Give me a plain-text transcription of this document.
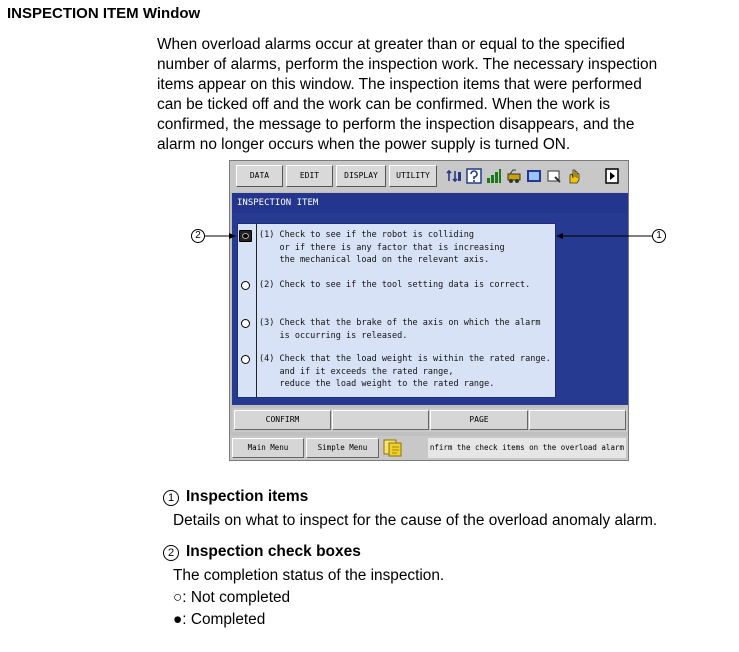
INSPECTION ITEM Window
When overload alarms occur at greater than or equal to the specified
number of alarms, perform the inspection work. The necessary inspection
items appear on this window. The inspection items that were performed
can be ticked off and the work can be confirmed. When the work is
confirmed, the message to perform the inspection disappears, and the
alarm no longer occurs when the power supply is turned ON.
DATA	EDIT	DISPLAY	UTILITY
INSPECTION ITEM
(1) Check to see if the robot is colliding
or if there is any factor that is increasing
the mechanical load on the relevant axis.
(2) Check to see if the tool setting data is correct.
(3) Check that the brake of the axis on which the alarm
is occurring is released.
(4) Check that the load weight is within the rated range.
and if it exceeds the rated range,
reduce the load weight to the rated range.
CONFIRM	PAGE
Main Menu	Simple Menu	nfirm the check items on the overload alarm
2	1
1 Inspection items
Details on what to inspect for the cause of the overload anomaly alarm.
2 Inspection check boxes
The completion status of the inspection.
○: Not completed
●: Completed
